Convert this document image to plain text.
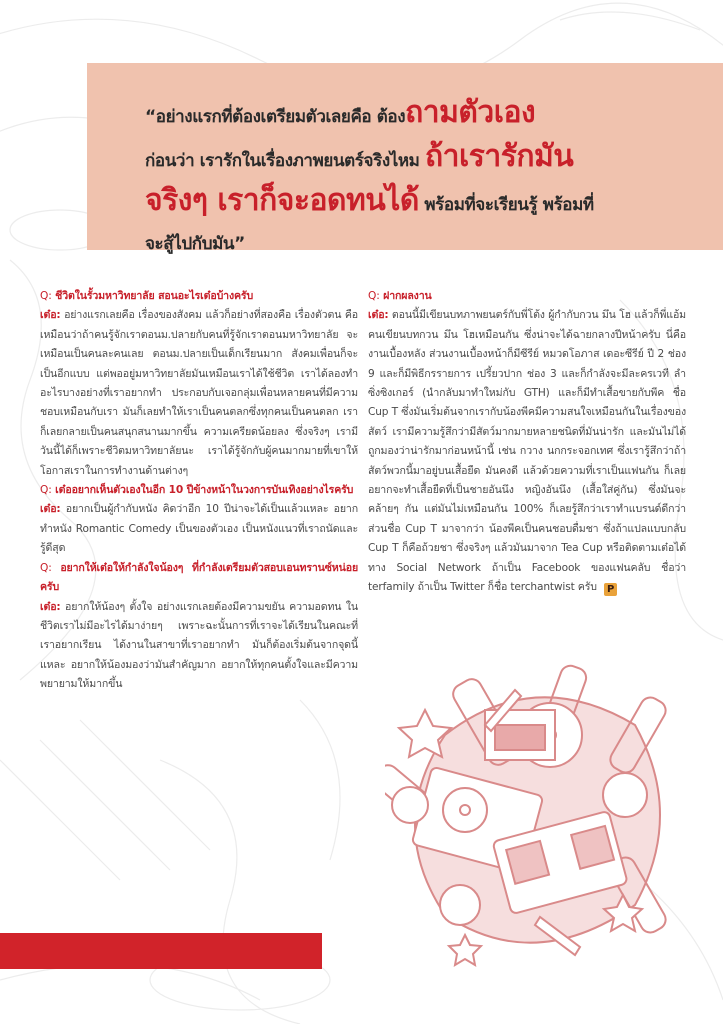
“อย่างแรกที่ต้องเตรียมตัวเลยคือ ต้องถามตัวเอง
ก่อนว่า เรารักในเรื่องภาพยนตร์จริงไหม ถ้าเรารักมัน
จริงๆ เราก็จะอดทนได้ พร้อมที่จะเรียนรู้ พร้อมที่
จะสู้ไปกับมัน”

Q: ชีวิตในรั้วมหาวิทยาลัย สอนอะไรเต๋อบ้างครับ
เต๋อ: อย่างแรกเลยคือ เรื่องของสังคม แล้วก็อย่างที่สองคือ เรื่องตัวตน คือเหมือนว่าถ้าคนรู้จักเราตอนม.ปลายกับคนที่รู้จักเราตอนมหาวิทยาลัย จะเหมือนเป็นคนละคนเลย ตอนม.ปลายเป็นเด็กเรียนมาก สังคมเพื่อนก็จะเป็นอีกแบบ แต่พออยู่มหาวิทยาลัยมันเหมือนเราได้ใช้ชีวิต เราได้ลองทำอะไรบางอย่างที่เราอยากทำ ประกอบกับเจอกลุ่มเพื่อนหลายคนที่มีความชอบเหมือนกับเรา มันก็เลยทำให้เราเป็นคนตลกซึ่งทุกคนเป็นคนตลก เราก็เลยกลายเป็นคนสนุกสนานมากขึ้น ความเครียดน้อยลง ซึ่งจริงๆ เรามีวันนี้ได้ก็เพราะชีวิตมหาวิทยาลัยนะ เราได้รู้จักกับผู้คนมากมายที่เขาให้โอกาสเราในการทำงานด้านต่างๆ
Q: เต๋ออยากเห็นตัวเองในอีก 10 ปีข้างหน้าในวงการบันเทิงอย่างไรครับ
เต๋อ: อยากเป็นผู้กำกับหนัง คิดว่าอีก 10 ปีน่าจะได้เป็นแล้วแหละ อยากทำหนัง Romantic Comedy เป็นของตัวเอง เป็นหนังแนวที่เราถนัดและรู้ดีสุด
Q: อยากให้เต๋อให้กำลังใจน้องๆ ที่กำลังเตรียมตัวสอบเอนทรานซ์หน่อยครับ
เต๋อ: อยากให้น้องๆ ตั้งใจ อย่างแรกเลยต้องมีความขยัน ความอดทน ในชีวิตเราไม่มีอะไรได้มาง่ายๆ เพราะฉะนั้นการที่เราจะได้เรียนในคณะที่เราอยากเรียน ได้งานในสาขาที่เราอยากทำ มันก็ต้องเริ่มต้นจากจุดนี้แหละ อยากให้น้องมองว่ามันสำคัญมาก อยากให้ทุกคนตั้งใจและมีความพยายามให้มากขึ้น
Q: ฝากผลงาน
เต๋อ: ตอนนี้มีเขียนบทภาพยนตร์กับพี่โต้ง ผู้กำกับกวน มึน โฮ แล้วก็พี่แอ้ม คนเขียนบทกวน มึน โฮเหมือนกัน ซึ่งน่าจะได้ฉายกลางปีหน้าครับ นี่คืองานเบื้องหลัง ส่วนงานเบื้องหน้าก็มีซีรีย์ หมวดโอภาส เดอะซีรีย์ ปี 2 ช่อง 9 และก็มีพิธีกรรายการ เปรี้ยวปาก ช่อง 3 และก็กำลังจะมีละครเวที ลำซิ่งซิงเกอร์ (นำกลับมาทำใหม่กับ GTH) และก็มีทำเสื้อขายกับพีค ชื่อ Cup T ซึ่งมันเริ่มต้นจากเรากับน้องพีคมีความสนใจเหมือนกันในเรื่องของสัตว์ เรามีความรู้สึกว่ามีสัตว์มากมายหลายชนิดที่มันน่ารัก และมันไม่ได้ถูกมองว่าน่ารักมาก่อนหน้านี้ เช่น กวาง นกกระจอกเทศ ซึ่งเรารู้สึกว่าถ้าสัตว์พวกนี้มาอยู่บนเสื้อยืด มันคงดี แล้วด้วยความที่เราเป็นแฟนกัน ก็เลยอยากจะทำเสื้อยืดที่เป็นชายอันนึง หญิงอันนึง (เสื้อใส่คู่กัน) ซึ่งมันจะคล้ายๆ กัน แต่มันไม่เหมือนกัน 100% ก็เลยรู้สึกว่าเราทำแบรนด์ดีกว่า ส่วนชื่อ Cup T มาจากว่า น้องพีคเป็นคนชอบดื่มชา ซึ่งถ้าแปลแบบกลับ Cup T ก็คือถ้วยชา ซึ่งจริงๆ แล้วมันมาจาก Tea Cup หรือติดตามเต๋อได้ทาง Social Network ถ้าเป็น Facebook ของแฟนคลับ ชื่อว่า terfamily ถ้าเป็น Twitter ก็ชื่อ terchantwist ครับ P
